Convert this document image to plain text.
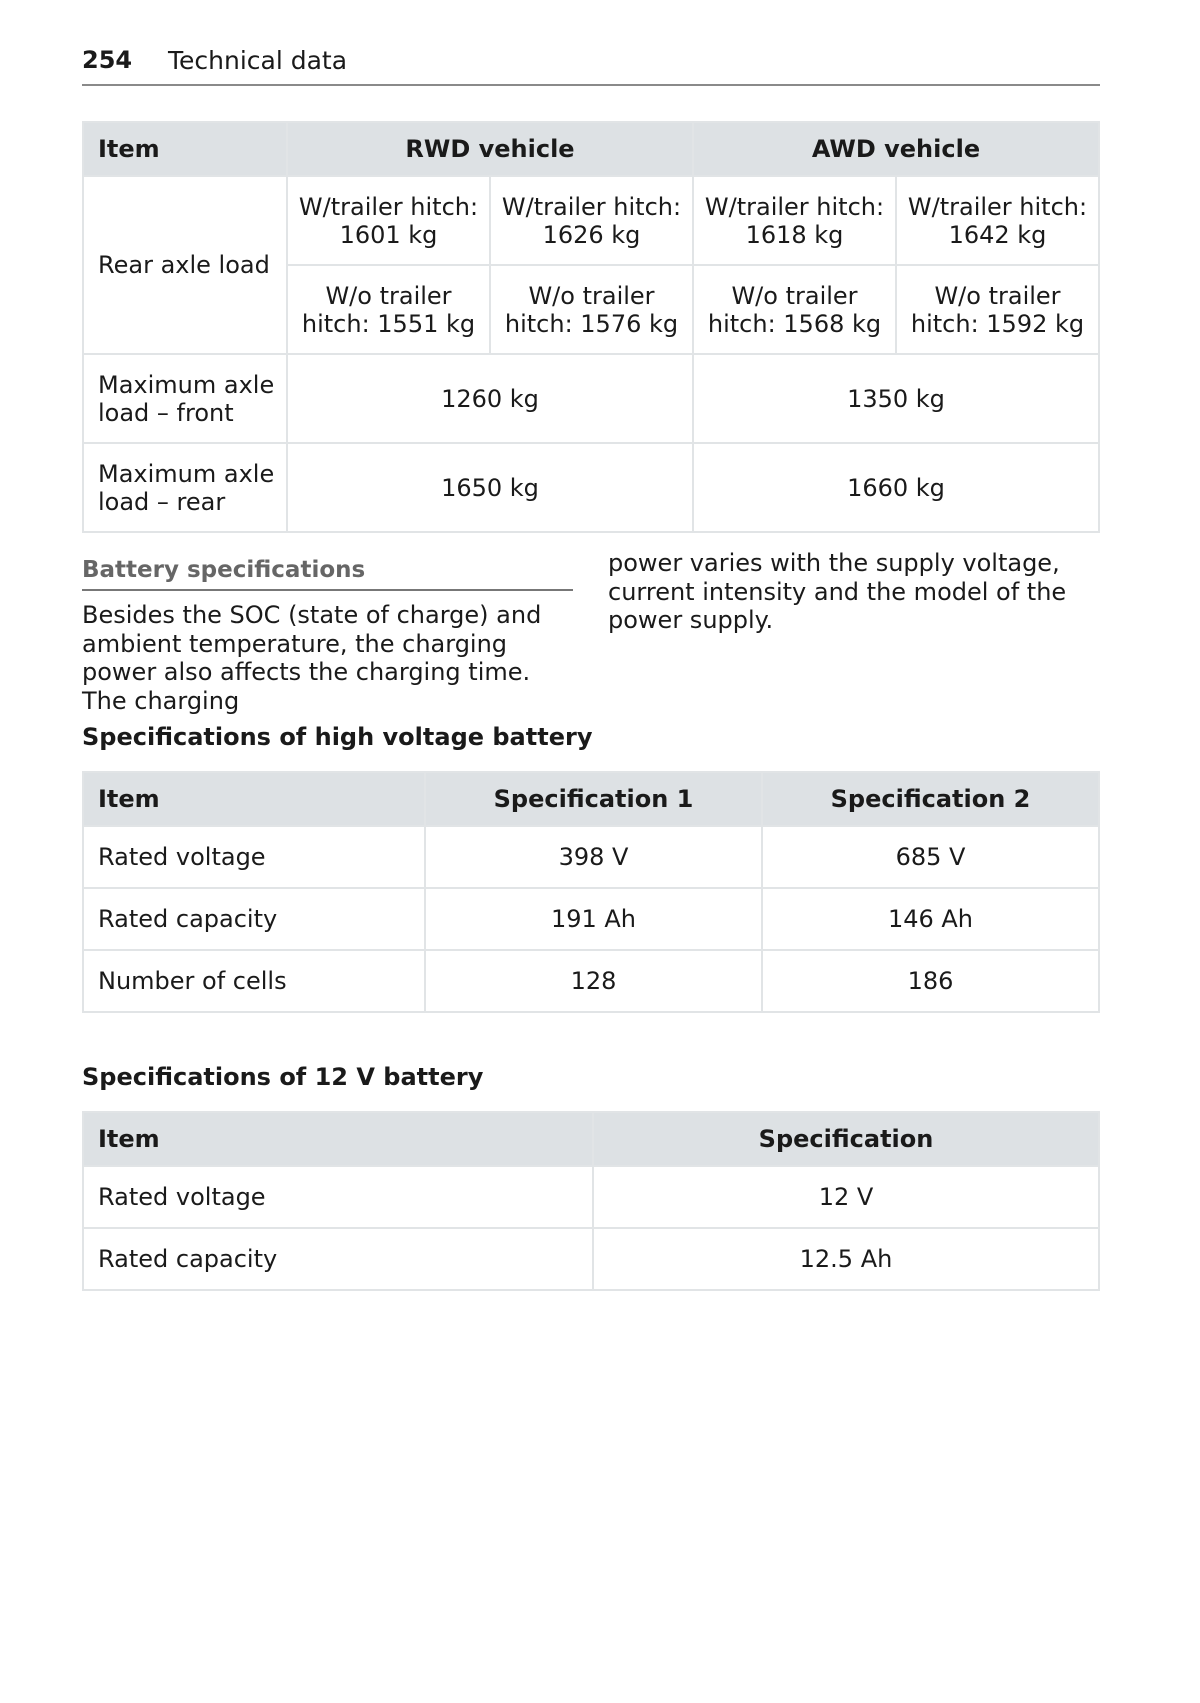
254 Technical data
Item	RWD vehicle		AWD vehicle	
Rear axle load	W/trailer hitch: 1601 kg	W/trailer hitch: 1626 kg	W/trailer hitch: 1618 kg	W/trailer hitch: 1642 kg
	W/o trailer hitch: 1551 kg	W/o trailer hitch: 1576 kg	W/o trailer hitch: 1568 kg	W/o trailer hitch: 1592 kg
Maximum axle load – front	1260 kg		1350 kg	
Maximum axle load – rear	1650 kg		1660 kg	
Battery specifications

Besides the SOC (state of charge) and ambient temperature, the charging power also affects the charging time. The charging

power varies with the supply voltage, current intensity and the model of the power supply.

Specifications of high voltage battery
Item	Specification 1	Specification 2
Rated voltage	398 V	685 V
Rated capacity	191 Ah	146 Ah
Number of cells	128	186
Specifications of 12 V battery
Item	Specification
Rated voltage	12 V
Rated capacity	12.5 Ah
